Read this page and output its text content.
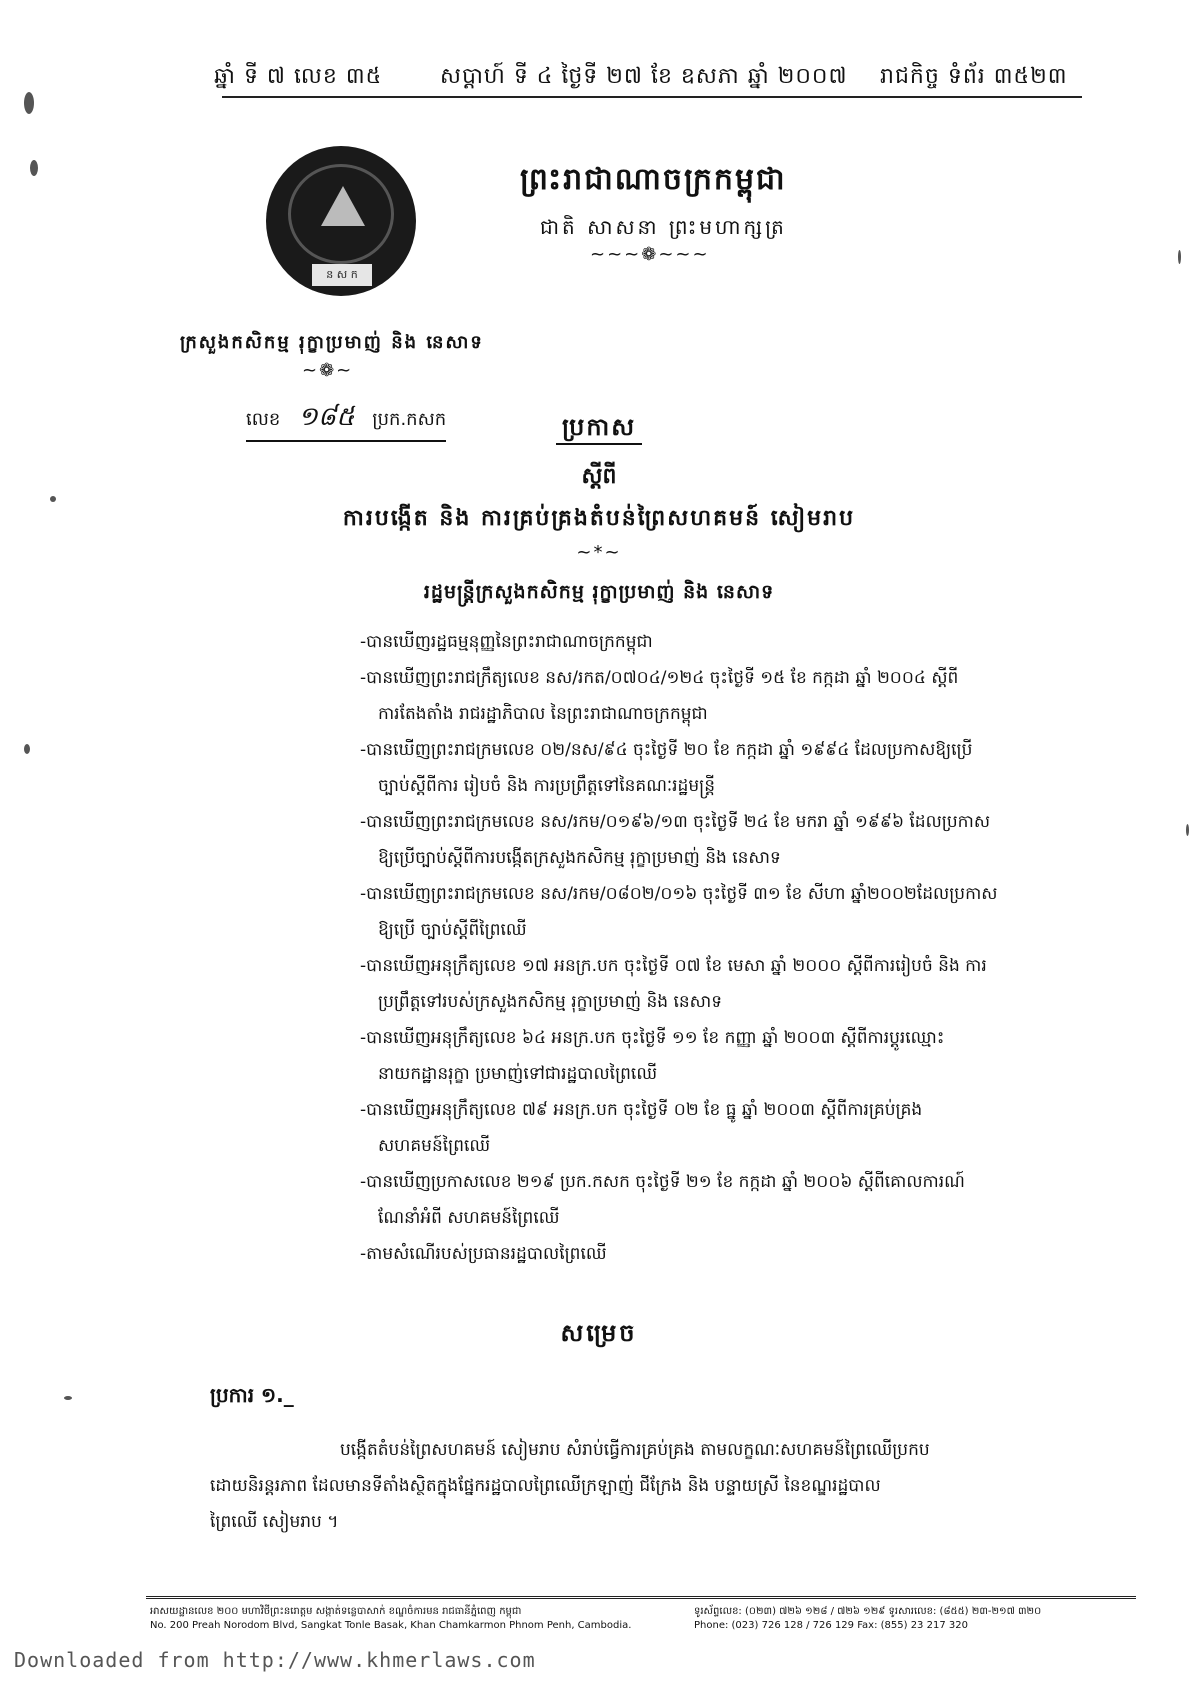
ឆ្នាំ ទី ៧ លេខ ៣៥	សប្តាហ៍ ទី ៤ ថ្ងៃទី ២៧ ខែ ឧសភា ឆ្នាំ ២០០៧ រាជកិច្ច ទំព័រ ៣៥២៣
ន ស ក
ព្រះរាជាណាចក្រកម្ពុជា
ជាតិ សាសនា ព្រះមហាក្សត្រ
~~~❁~~~
ក្រសួងកសិកម្ម រុក្ខាប្រមាញ់ និង នេសាទ
~❁~
លេខ ១៨៥ ប្រក.កសក	ប្រកាស
ស្តីពី
ការបង្កើត និង ការគ្រប់គ្រងតំបន់ព្រៃសហគមន៍ សៀមរាប
~*~
រដ្ឋមន្ត្រីក្រសួងកសិកម្ម រុក្ខាប្រមាញ់ និង នេសាទ
-បានឃើញរដ្ឋធម្មនុញ្ញនៃព្រះរាជាណាចក្រកម្ពុជា
-បានឃើញព្រះរាជក្រឹត្យលេខ នស/រកត/០៧០៤/១២៤ ចុះថ្ងៃទី ១៥ ខែ កក្កដា ឆ្នាំ ២០០៤ ស្តីពី
ការតែងតាំង រាជរដ្ឋាភិបាល នៃព្រះរាជាណាចក្រកម្ពុជា
-បានឃើញព្រះរាជក្រមលេខ ០២/នស/៩៤ ចុះថ្ងៃទី ២០ ខែ កក្កដា ឆ្នាំ ១៩៩៤ ដែលប្រកាសឱ្យប្រើ
ច្បាប់ស្តីពីការ រៀបចំ និង ការប្រព្រឹត្តទៅនៃគណៈរដ្ឋមន្ត្រី
-បានឃើញព្រះរាជក្រមលេខ នស/រកម/០១៩៦/១៣ ចុះថ្ងៃទី ២៤ ខែ មករា ឆ្នាំ ១៩៩៦ ដែលប្រកាស
ឱ្យប្រើច្បាប់ស្តីពីការបង្កើតក្រសួងកសិកម្ម រុក្ខាប្រមាញ់ និង នេសាទ
-បានឃើញព្រះរាជក្រមលេខ នស/រកម/០៨០២/០១៦ ចុះថ្ងៃទី ៣១ ខែ សីហា ឆ្នាំ២០០២ដែលប្រកាស
ឱ្យប្រើ ច្បាប់ស្តីពីព្រៃឈើ
-បានឃើញអនុក្រឹត្យលេខ ១៧ អនក្រ.បក ចុះថ្ងៃទី ០៧ ខែ មេសា ឆ្នាំ ២០០០ ស្តីពីការរៀបចំ និង ការ
ប្រព្រឹត្តទៅរបស់ក្រសួងកសិកម្ម រុក្ខាប្រមាញ់ និង នេសាទ
-បានឃើញអនុក្រឹត្យលេខ ៦៤ អនក្រ.បក ចុះថ្ងៃទី ១១ ខែ កញ្ញា ឆ្នាំ ២០០៣ ស្តីពីការប្តូរឈ្មោះ
នាយកដ្ឋានរុក្ខា ប្រមាញ់ទៅជារដ្ឋបាលព្រៃឈើ
-បានឃើញអនុក្រឹត្យលេខ ៧៩ អនក្រ.បក ចុះថ្ងៃទី ០២ ខែ ធ្នូ ឆ្នាំ ២០០៣ ស្តីពីការគ្រប់គ្រង
សហគមន៍ព្រៃឈើ
-បានឃើញប្រកាសលេខ ២១៩ ប្រក.កសក ចុះថ្ងៃទី ២១ ខែ កក្កដា ឆ្នាំ ២០០៦ ស្តីពីគោលការណ៍
ណែនាំអំពី សហគមន៍ព្រៃឈើ
-តាមសំណើរបស់ប្រធានរដ្ឋបាលព្រៃឈើ
សម្រេច
ប្រការ ១._
បង្កើតតំបន់ព្រៃសហគមន៍ សៀមរាប សំរាប់ធ្វើការគ្រប់គ្រង តាមលក្ខណៈសហគមន៍ព្រៃឈើប្រកប
ដោយនិរន្តរភាព ដែលមានទីតាំងស្ថិតក្នុងផ្នែករដ្ឋបាលព្រៃឈើក្រឡាញ់ ជីក្រែង និង បន្ទាយស្រី នៃខណ្ឌរដ្ឋបាល
ព្រៃឈើ សៀមរាប ។
អាសយដ្ឋានលេខ ២០០ មហាវិថីព្រះនរោត្តម សង្កាត់ទន្លេបាសាក់ ខណ្ឌចំការមន រាជធានីភ្នំពេញ កម្ពុជា
No. 200 Preah Norodom Blvd, Sangkat Tonle Basak, Khan Chamkarmon Phnom Penh, Cambodia.
ទូរស័ព្ទលេខ: (០២៣) ៧២៦ ១២៨ / ៧២៦ ១២៩ ទូរសារលេខ: (៨៥៥) ២៣-២១៧ ៣២០
Phone: (023) 726 128 / 726 129 Fax: (855) 23 217 320
Downloaded from http://www.khmerlaws.com
